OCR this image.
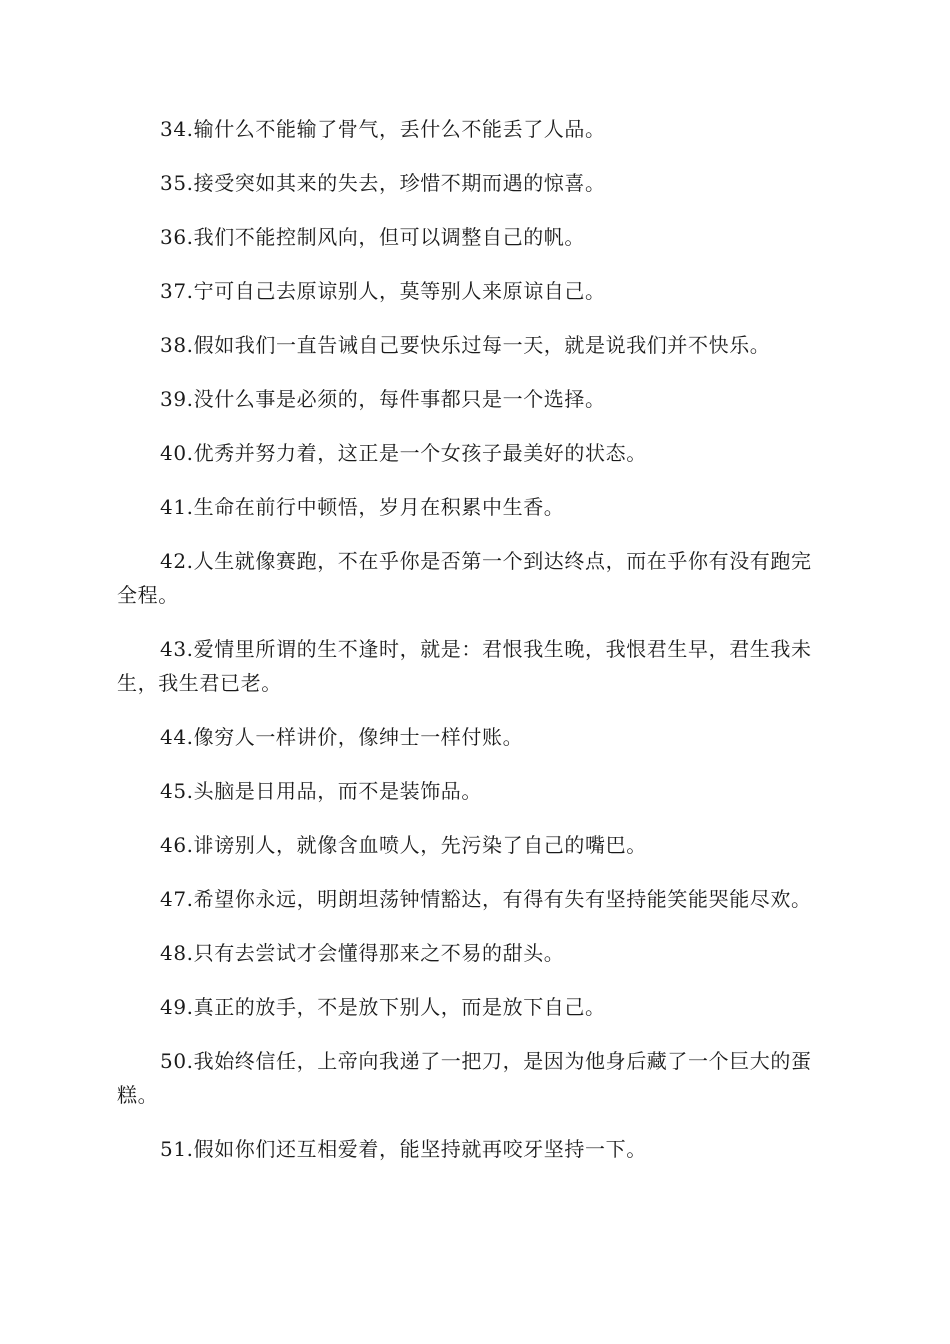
34.输什么不能输了骨气，丢什么不能丢了人品。

35.接受突如其来的失去，珍惜不期而遇的惊喜。

36.我们不能控制风向，但可以调整自己的帆。

37.宁可自己去原谅别人，莫等别人来原谅自己。

38.假如我们一直告诫自己要快乐过每一天，就是说我们并不快乐。

39.没什么事是必须的，每件事都只是一个选择。

40.优秀并努力着，这正是一个女孩子最美好的状态。

41.生命在前行中顿悟，岁月在积累中生香。

42.人生就像赛跑，不在乎你是否第一个到达终点，而在乎你有没有跑完全程。

43.爱情里所谓的生不逢时，就是：君恨我生晚，我恨君生早，君生我未生，我生君已老。

44.像穷人一样讲价，像绅士一样付账。

45.头脑是日用品，而不是装饰品。

46.诽谤别人，就像含血喷人，先污染了自己的嘴巴。

47.希望你永远，明朗坦荡钟情豁达，有得有失有坚持能笑能哭能尽欢。

48.只有去尝试才会懂得那来之不易的甜头。

49.真正的放手，不是放下别人，而是放下自己。

50.我始终信任，上帝向我递了一把刀，是因为他身后藏了一个巨大的蛋糕。

51.假如你们还互相爱着，能坚持就再咬牙坚持一下。
